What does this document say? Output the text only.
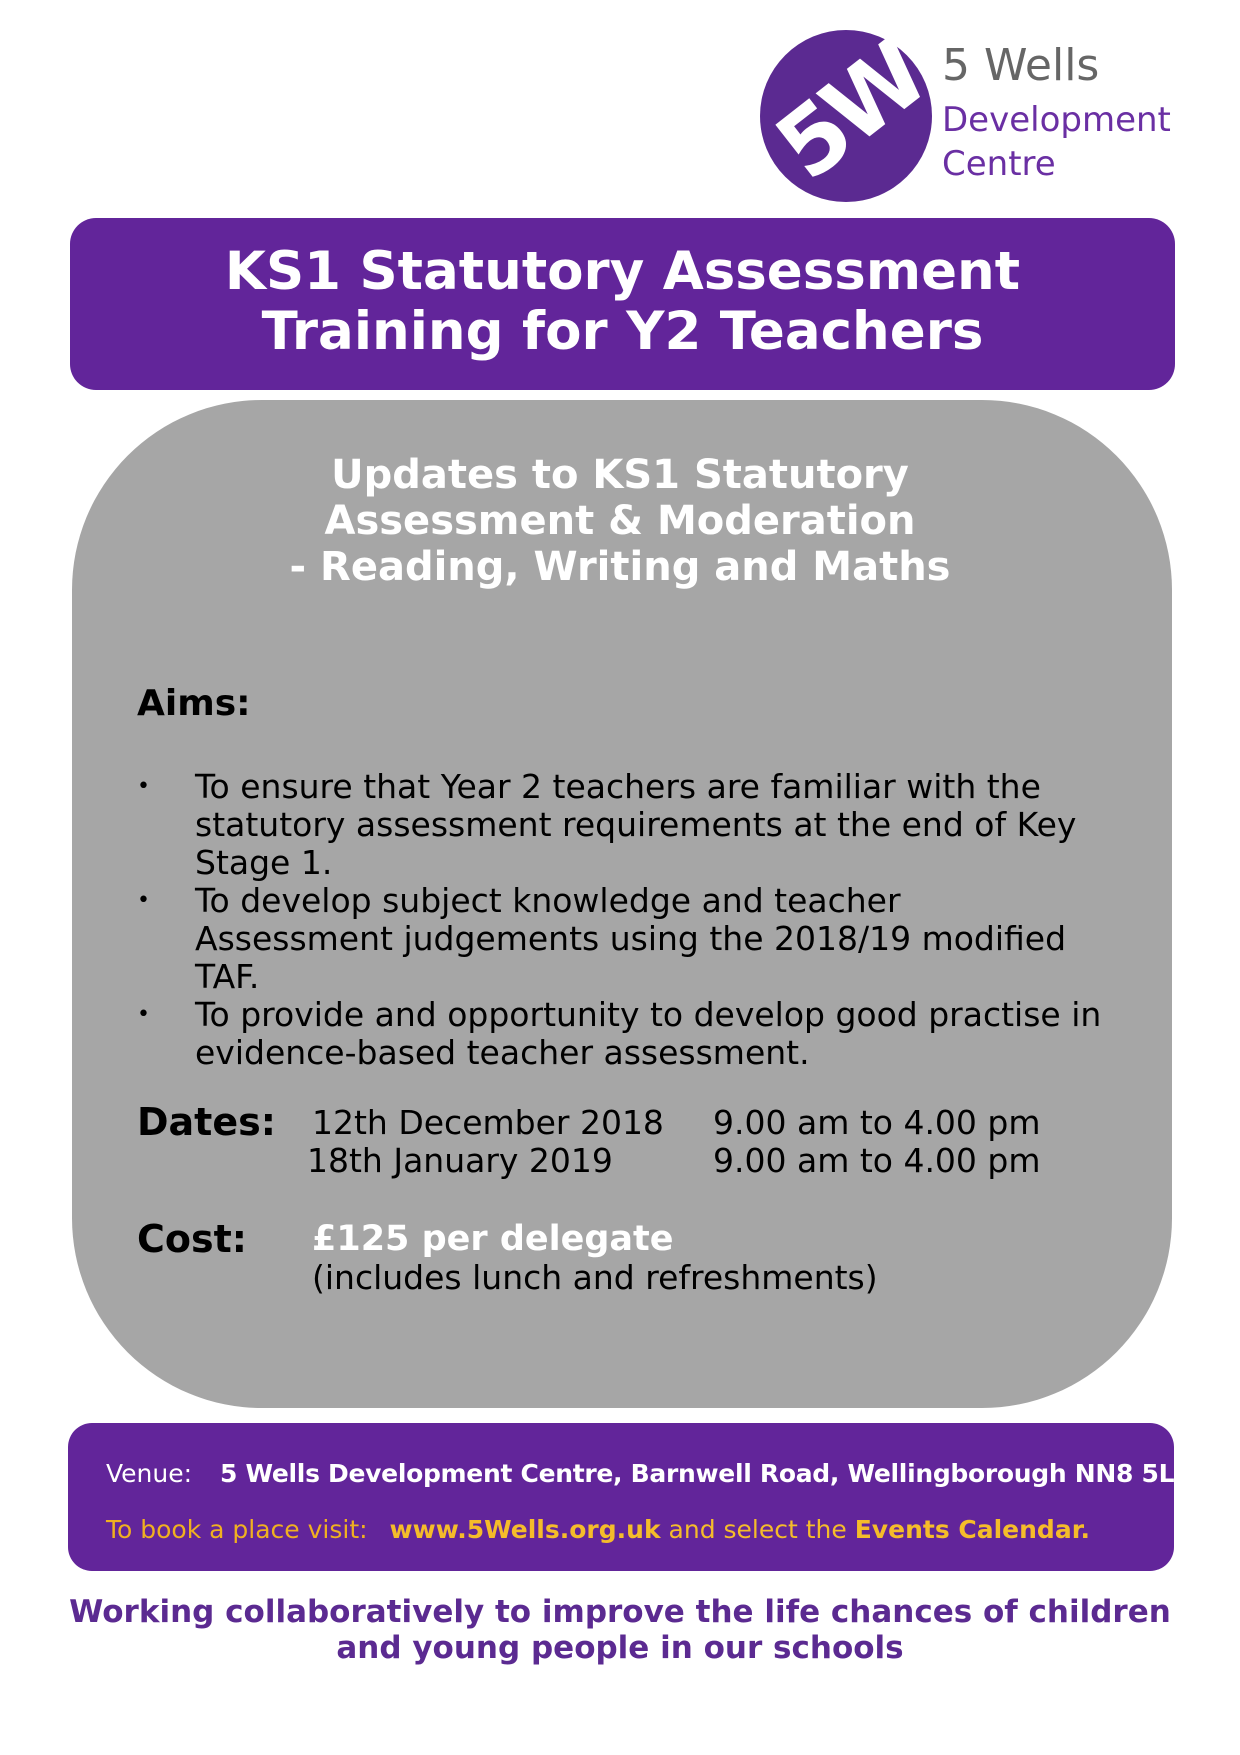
5W
5 Wells
Development
Centre
KS1 Statutory Assessment
Training for Y2 Teachers
Updates to KS1 Statutory
Assessment & Moderation
- Reading, Writing and Maths
Aims:
• To ensure that Year 2 teachers are familiar with the
statutory assessment requirements at the end of Key
Stage 1.
• To develop subject knowledge and teacher
Assessment judgements using the 2018/19 modified
TAF.
• To provide and opportunity to develop good practise in
evidence-based teacher assessment.
Dates: 12th December 2018 9.00 am to 4.00 pm
18th January 2019	9.00 am to 4.00 pm
Cost: £125 per delegate
(includes lunch and refreshments)
Venue: 5 Wells Development Centre, Barnwell Road, Wellingborough NN8 5LQ
To book a place visit: www.5Wells.org.uk and select the Events Calendar.
Working collaboratively to improve the life chances of children
and young people in our schools
